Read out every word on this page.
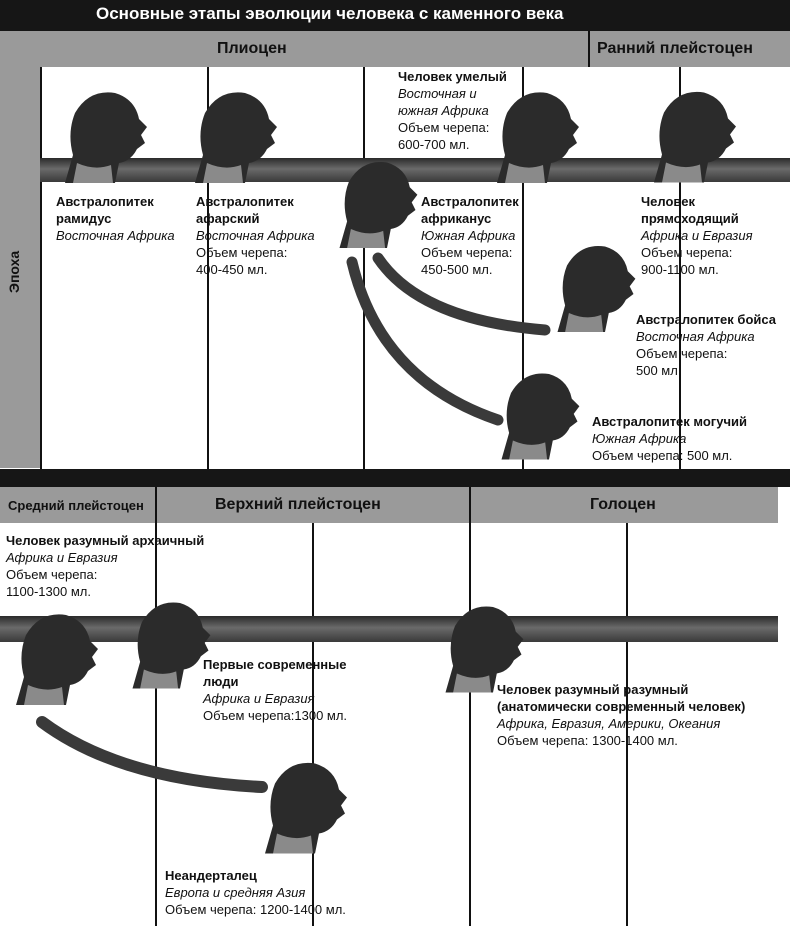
Основные этапы эволюции человека с каменного века
Эпоха
Плиоцен	Ранний плейстоцен
Средний плейстоцен	Верхний плейстоцен	Голоцен
Австралопитек
рамидус
Восточная Африка
Австралопитек
афарский
Восточная Африка
Объем черепа:
400-450 мл.
Человек умелый
Восточная и
южная Африка
Объем черепа:
600-700 мл.
Австралопитек
африканус
Южная Африка
Объем черепа:
450-500 мл.
Человек
прямоходящий
Африка и Евразия
Объем черепа:
900-1100 мл.
Австралопитек бойса
Восточная Африка
Объем черепа:
500 мл.
Австралопитек могучий
Южная Африка
Объем черепа: 500 мл.
Человек разумный архаичный
Африка и Евразия
Объем черепа:
1100-1300 мл.
Первые современные
люди
Африка и Евразия
Объем черепа:1300 мл.
Человек разумный разумный
(анатомически современный человек)
Африка, Евразия, Америки, Океания
Объем черепа: 1300-1400 мл.
Неандерталец
Европа и средняя Азия
Объем черепа: 1200-1400 мл.
